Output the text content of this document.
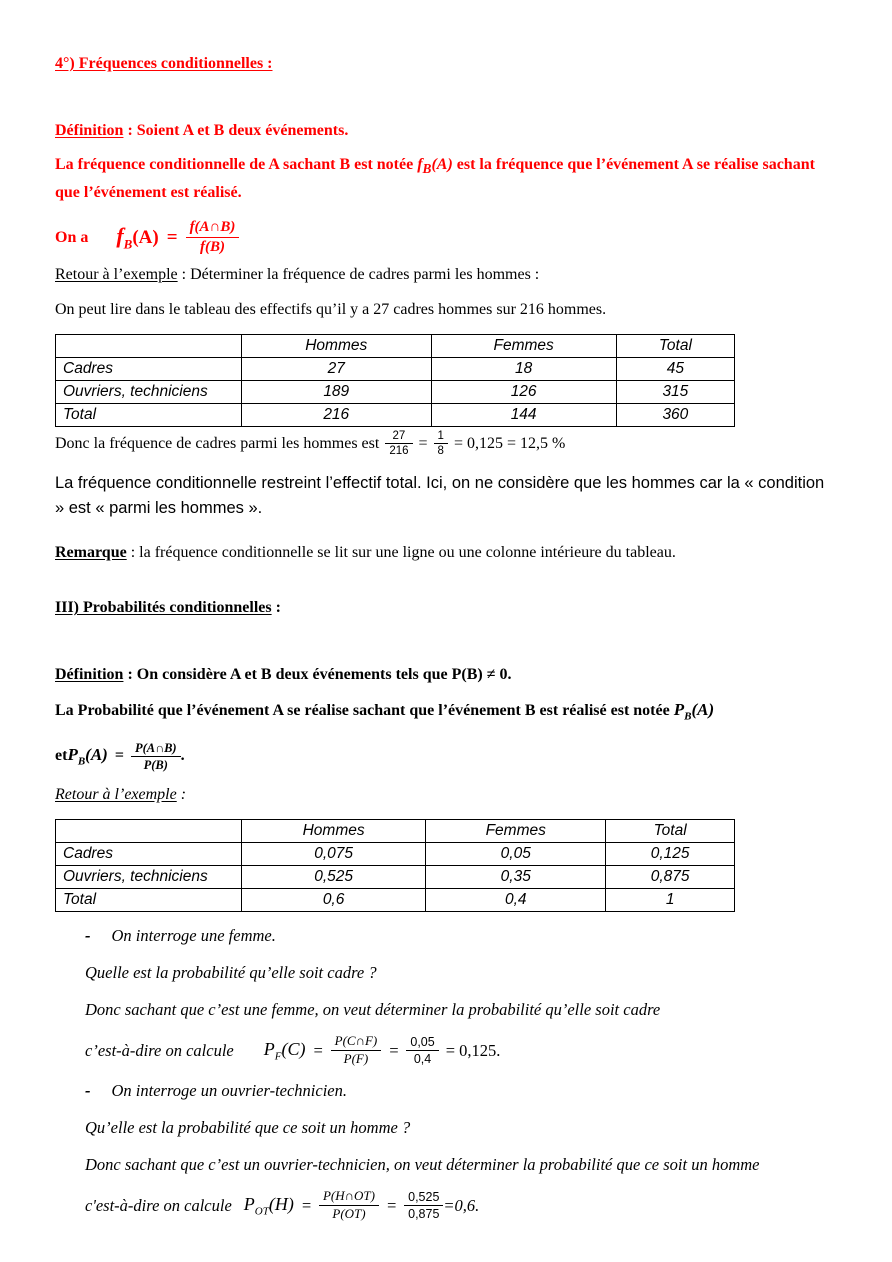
4°) Fréquences conditionnelles :
Définition : Soient A et B deux événements.
La fréquence conditionnelle de A sachant B est notée $f_B(A)$ est la fréquence que l’événement A se réalise sachant que l’événement est réalisé.
On a $f_B$ $(A) = \frac{f(A\cap B)}{f(B)}$
Retour à l’exemple : Déterminer la fréquence de cadres parmi les hommes :
On peut lire dans le tableau des effectifs qu’il y a 27 cadres hommes sur 216 hommes.
	Hommes	Femmes	Total
Cadres	27	18	45
Ouvriers, techniciens	189	126	315
Total	216	144	360
Donc la fréquence de cadres parmi les hommes est $\frac{27}{216} = \frac{1}{8} = 0,125 = 12,5$ %
La fréquence conditionnelle restreint l’effectif total. Ici, on ne considère que les hommes car la « condition » est « parmi les hommes ».
Remarque : la fréquence conditionnelle se lit sur une ligne ou une colonne intérieure du tableau.
III) Probabilités conditionnelles :
Définition : On considère A et B deux événements tels que P(B) ≠ 0.
La Probabilité que l’événement A se réalise sachant que l’événement B est réalisé est notée $P_B(A)$
et $P_B(A) = \frac{P(A\cap B)}{P(B)}$ .
Retour à l’exemple :
	Hommes	Femmes	Total
Cadres	0,075	0,05	0,125
Ouvriers, techniciens	0,525	0,35	0,875
Total	0,6	0,4	1
- On interroge une femme.
Quelle est la probabilité qu’elle soit cadre ?
Donc sachant que c’est une femme, on veut déterminer la probabilité qu’elle soit cadre
c’est-à-dire on calcule $P_F(C) = \frac{P(C\cap F)}{P(F)} = \frac{0,05}{0,4} = 0,125$.
- On interroge un ouvrier-technicien.
Qu’elle est la probabilité que ce soit un homme ?
Donc sachant que c’est un ouvrier-technicien, on veut déterminer la probabilité que ce soit un homme
c'est-à-dire on calcule $P_{OT}(H) = \frac{P(H\cap OT)}{P(OT)} = \frac{0,525}{0,875} =0,6$.
